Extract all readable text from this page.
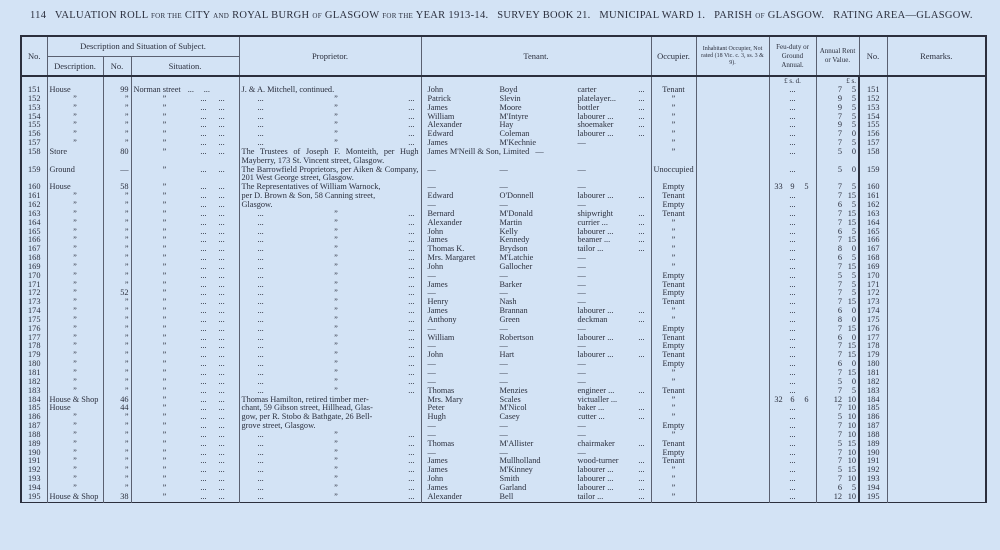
114 VALUATION ROLL FOR THE CITY AND ROYAL BURGH OF GLASGOW FOR THE YEAR 1913-14. SURVEY BOOK 21. MUNICIPAL WARD 1. PARISH OF GLASGOW. RATING AREA—GLASGOW.
No.	Description and Situation of Subject.			Proprietor.	Tenant.	Occupier.	Inhabitant Occupier, Not rated (18 Vic. c. 3, ss. 3 & 9).	Feu-duty or Ground Annual.	Annual Rent or Value.	No.	Remarks.
	Description.	No.	Situation.								
								£ s. d.	£ s.		
151	House	99	Norman street ... ...	J. & A. Mitchell, continued.	John Boyd carter ...	Tenant		...	7 5	151	
152	”	”	” ... ...	... ” ...	Patrick Slevin platelayer... ...	”		...	9 5	152	
153	”	”	” ... ...	... ” ...	James Moore bottler ...	”		...	9 5	153	
154	”	”	” ... ...	... ” ...	William M'Intyre labourer ... ...	”		...	7 5	154	
155	”	”	” ... ...	... ” ...	Alexander Hay shoemaker ...	”		...	9 5	155	
156	”	”	” ... ...	... ” ...	Edward Coleman labourer ... ...	”		...	7 0	156	
157	”	”	” ... ...	... ” ...	James M'Kechnie —	”		...	7 5	157	
158	Store	80	” ... ...	The Trustees of Joseph F. Monteith, per Hugh Mayberry, 173 St. Vincent street, Glasgow.	James M'Neill & Son, Limited —	”		...	5 0	158	
159	Ground	—	” ... ...	The Barrowfield Proprietors, per Aiken & Company, 201 West George street, Glasgow.	— — —	Unoccupied		...	5 0	159	
160	House	58	” ... ...	The Representatives of William Warnock,	— — —	Empty		33 9 5	7 5	160	
161	”	”	” ... ...	per D. Brown & Son, 58 Canning street,	Edward O'Donnell labourer ... ...	Tenant		...	7 15	161	
162	”	”	” ... ...	Glasgow.	— — —	Empty		...	6 5	162	
163	”	”	” ... ...	... ” ...	Bernard M'Donald shipwright ...	Tenant		...	7 15	163	
164	”	”	” ... ...	... ” ...	Alexander Martin currier ... ...	”		...	7 15	164	
165	”	”	” ... ...	... ” ...	John Kelly labourer ... ...	”		...	6 5	165	
166	”	”	” ... ...	... ” ...	James Kennedy beamer ... ...	”		...	7 15	166	
167	”	”	” ... ...	... ” ...	Thomas K. Brydson tailor ... ...	”		...	8 0	167	
168	”	”	” ... ...	... ” ...	Mrs. Margaret M'Latchie —	”		...	6 5	168	
169	”	”	” ... ...	... ” ...	John Gallocher —	”		...	7 15	169	
170	”	”	” ... ...	... ” ...	— — —	Empty		...	5 5	170	
171	”	”	” ... ...	... ” ...	James Barker —	Tenant		...	7 5	171	
172	”	52	” ... ...	... ” ...	— — —	Empty		...	7 5	172	
173	”	”	” ... ...	... ” ...	Henry Nash —	Tenant		...	7 15	173	
174	”	”	” ... ...	... ” ...	James Brannan labourer ... ...	”		...	6 0	174	
175	”	”	” ... ...	... ” ...	Anthony Green deckman ...	”		...	8 0	175	
176	”	”	” ... ...	... ” ...	— — —	Empty		...	7 15	176	
177	”	”	” ... ...	... ” ...	William Robertson labourer ... ...	Tenant		...	6 0	177	
178	”	”	” ... ...	... ” ...	— — —	Empty		...	7 15	178	
179	”	”	” ... ...	... ” ...	John Hart labourer ... ...	Tenant		...	7 15	179	
180	”	”	” ... ...	... ” ...	— — —	Empty		...	6 0	180	
181	”	”	” ... ...	... ” ...	— — —	”		...	7 15	181	
182	”	”	” ... ...	... ” ...	— — —	”		...	5 0	182	
183	”	”	” ... ...	... ” ...	Thomas Menzies engineer ... ...	Tenant		...	7 5	183	
184	House & Shop	46	” ... ...	Thomas Hamilton, retired timber mer-	Mrs. Mary Scales victualler ...	”		32 6 6	12 10	184	
185	House	44	” ... ...	chant, 59 Gibson street, Hillhead, Glas-	Peter M'Nicol baker ... ...	”		...	7 10	185	
186	”	”	” ... ...	gow, per R. Stobo & Bathgate, 26 Bell-	Hugh Casey cutter ... ...	”		...	5 10	186	
187	”	”	” ... ...	grove street, Glasgow.	— — —	Empty		...	7 10	187	
188	”	”	” ... ...	... ” ...	— — —	”		...	7 10	188	
189	”	”	” ... ...	... ” ...	Thomas M'Allister chairmaker ...	Tenant		...	5 15	189	
190	”	”	” ... ...	... ” ...	— — —	Empty		...	7 10	190	
191	”	”	” ... ...	... ” ...	James Mullholland wood-turner ...	Tenant		...	7 10	191	
192	”	”	” ... ...	... ” ...	James M'Kinney labourer ... ...	”		...	5 15	192	
193	”	”	” ... ...	... ” ...	John Smith labourer ... ...	”		...	7 10	193	
194	”	”	” ... ...	... ” ...	James Garland labourer ... ...	”		...	6 5	194	
195	House & Shop	38	” ... ...	... ” ...	Alexander Bell tailor ... ...	”		...	12 10	195	
